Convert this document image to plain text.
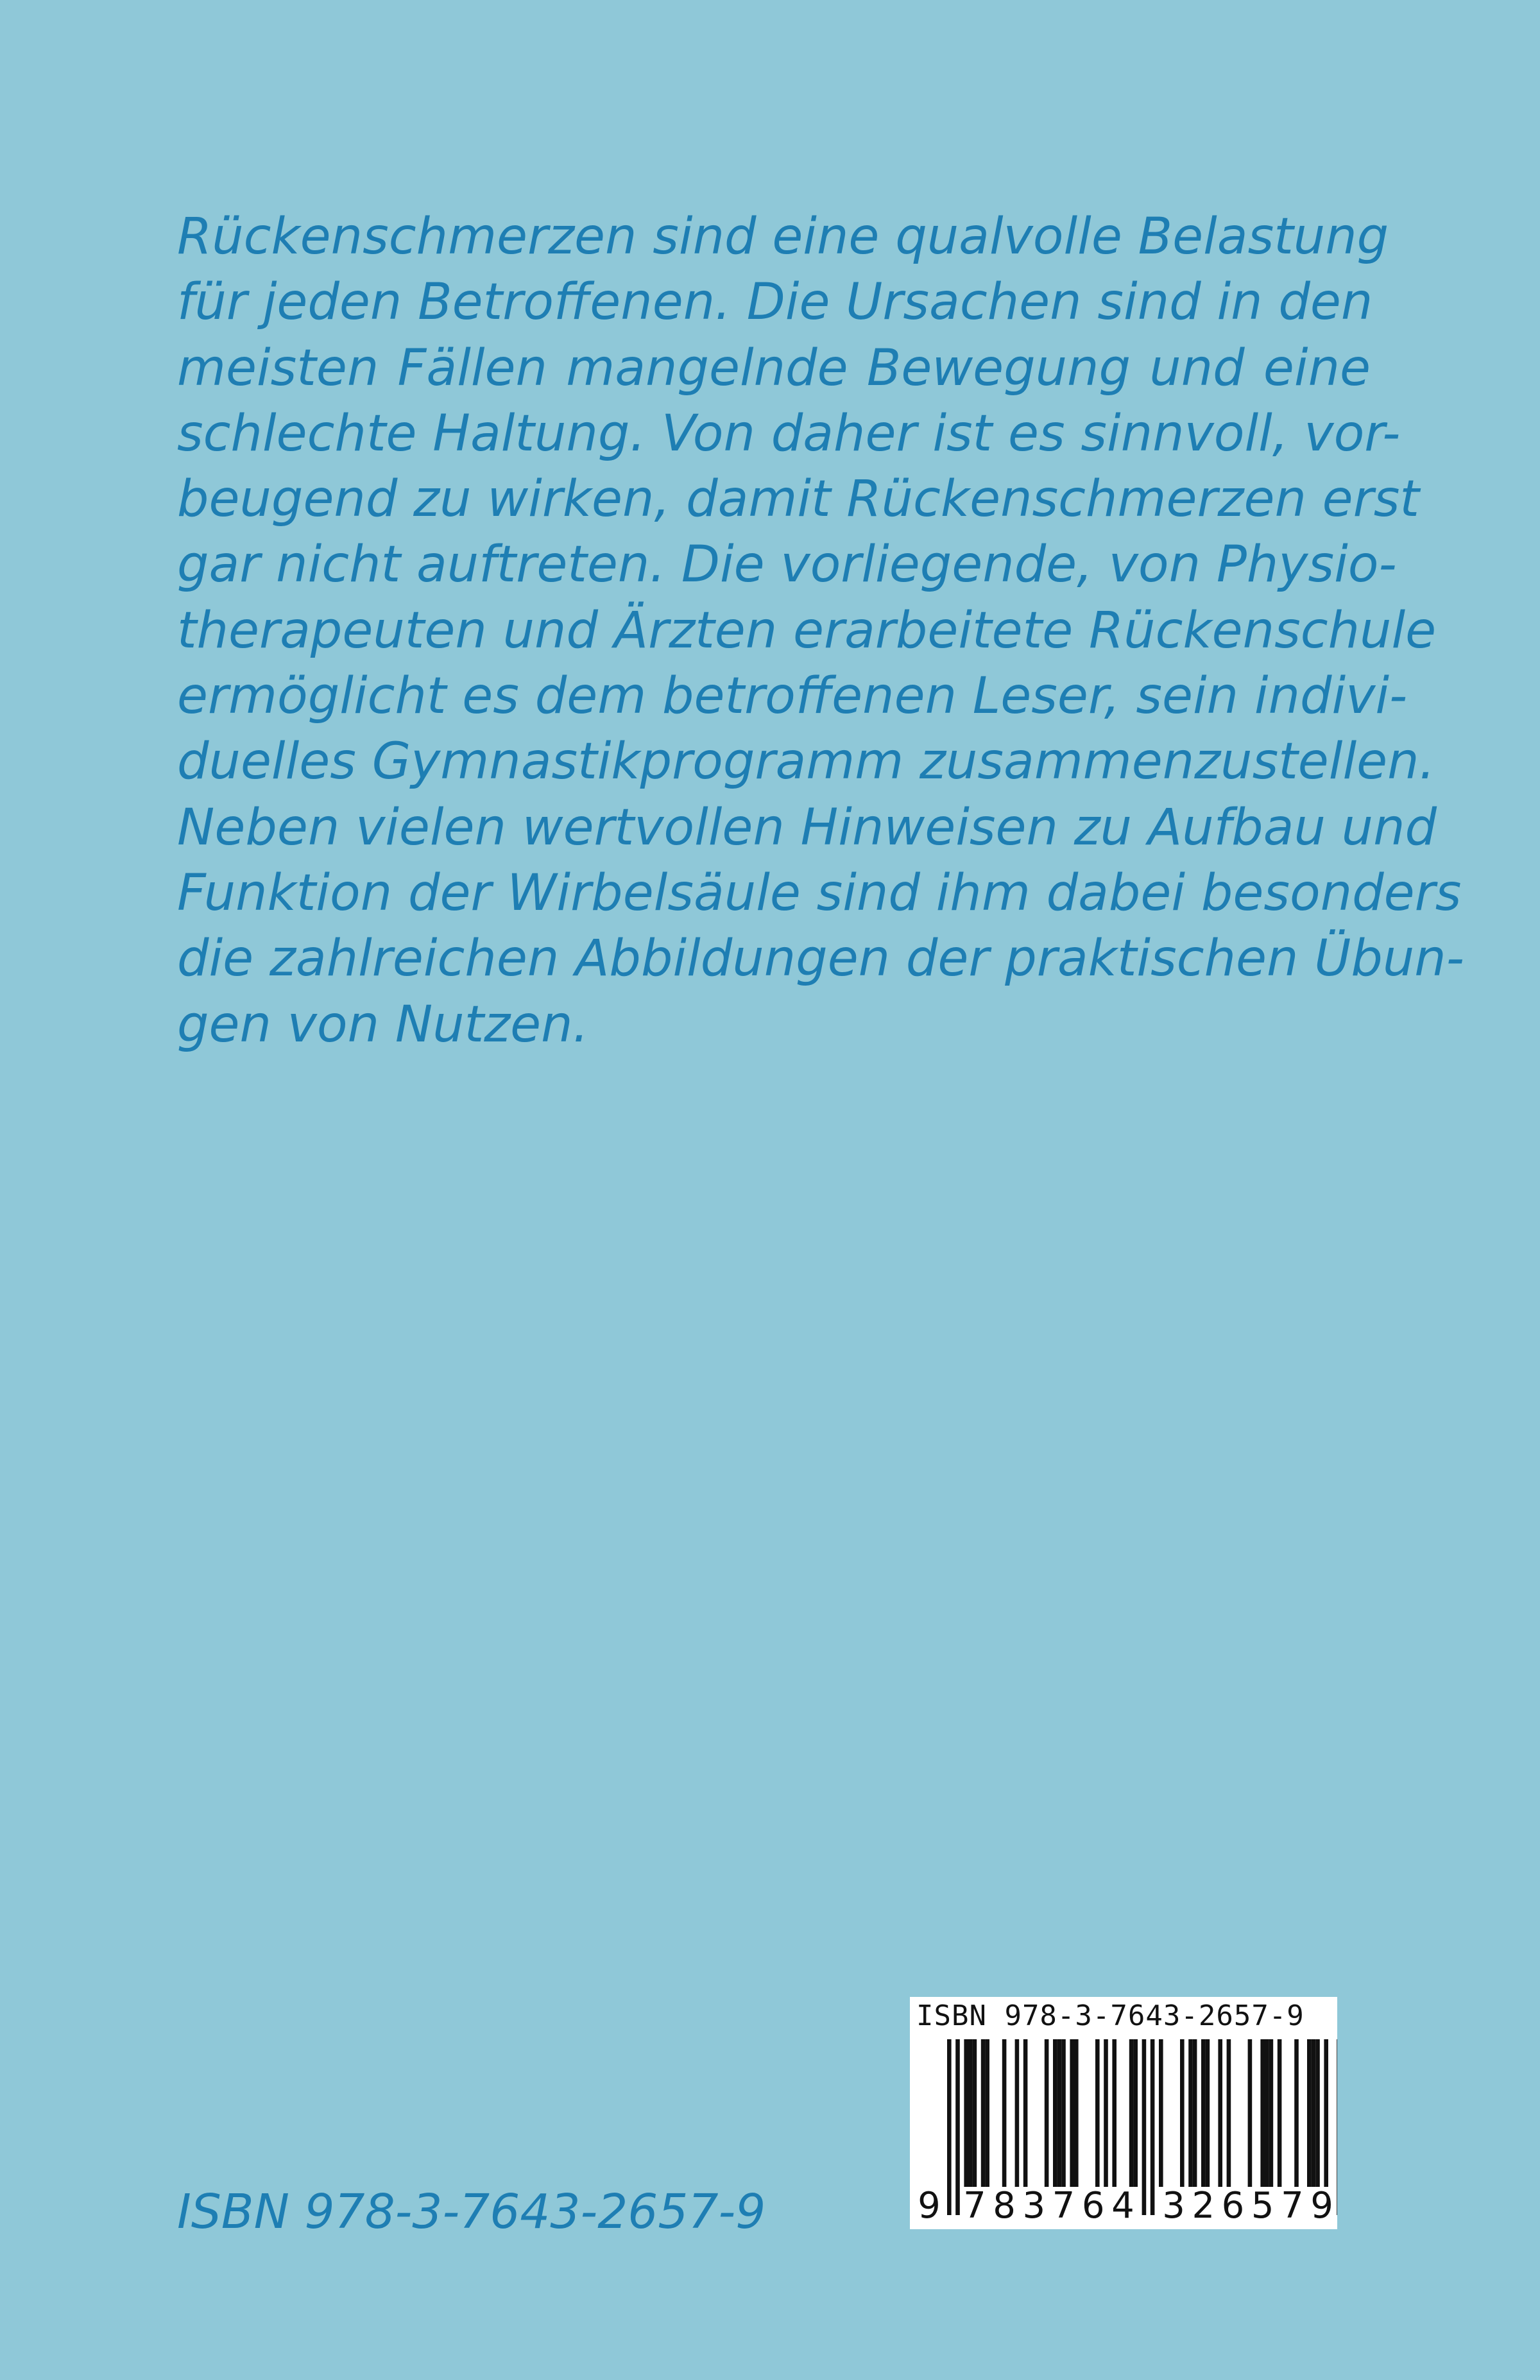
Rückenschmerzen sind eine qualvolle Belastung
für jeden Betroffenen. Die Ursachen sind in den
meisten Fällen mangelnde Bewegung und eine
schlechte Haltung. Von daher ist es sinnvoll, vor-
beugend zu wirken, damit Rückenschmerzen erst
gar nicht auftreten. Die vorliegende, von Physio-
therapeuten und Ärzten erarbeitete Rückenschule
ermöglicht es dem betroffenen Leser, sein indivi-
duelles Gymnastikprogramm zusammenzustellen.
Neben vielen wertvollen Hinweisen zu Aufbau und
Funktion der Wirbelsäule sind ihm dabei besonders
die zahlreichen Abbildungen der praktischen Übun-
gen von Nutzen.
ISBN 978-3-7643-2657-9
ISBN 978-3-7643-2657-9
9 7 8 3 7 6 4 3 2 6 5 7 9
